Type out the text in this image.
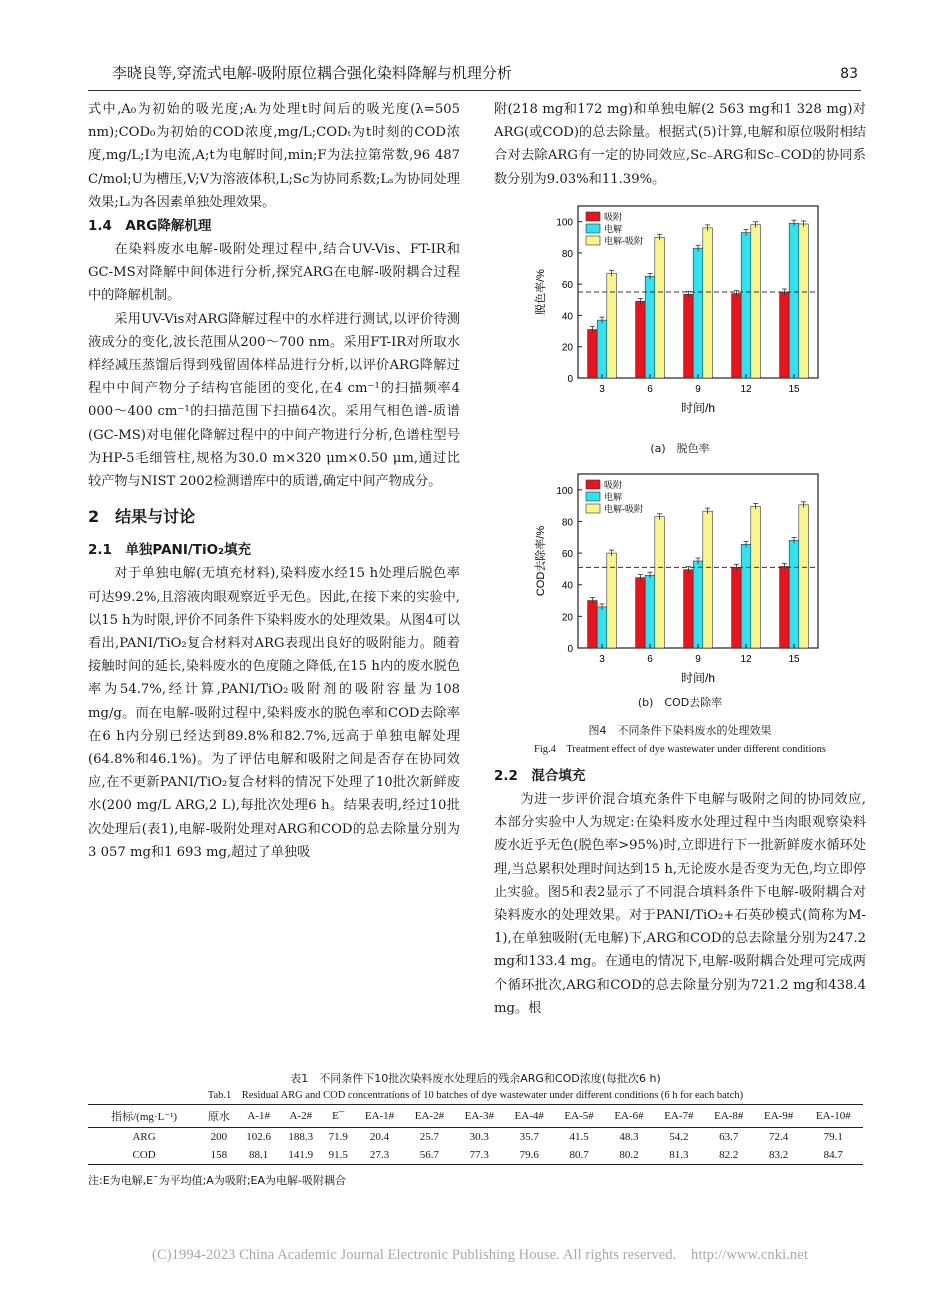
李晓良等,穿流式电解-吸附原位耦合强化染料降解与机理分析	83

式中,A₀为初始的吸光度;Aₜ为处理t时间后的吸光度(λ=505 nm);COD₀为初始的COD浓度,mg/L;CODₜ为t时刻的COD浓度,mg/L;I为电流,A;t为电解时间,min;F为法拉第常数,96 487 C/mol;U为槽压,V;V为溶液体积,L;Sc为协同系数;Lₛ为协同处理效果;Lᵢ为各因素单独处理效果。

1.4　ARG降解机理

在染料废水电解-吸附处理过程中,结合UV-Vis、FT-IR和GC-MS对降解中间体进行分析,探究ARG在电解-吸附耦合过程中的降解机制。

采用UV-Vis对ARG降解过程中的水样进行测试,以评价待测液成分的变化,波长范围从200～700 nm。采用FT-IR对所取水样经减压蒸馏后得到残留固体样品进行分析,以评价ARG降解过程中中间产物分子结构官能团的变化,在4 cm⁻¹的扫描频率4 000～400 cm⁻¹的扫描范围下扫描64次。采用气相色谱-质谱(GC-MS)对电催化降解过程中的中间产物进行分析,色谱柱型号为HP-5毛细管柱,规格为30.0 m×320 μm×0.50 μm,通过比较产物与NIST 2002检测谱库中的质谱,确定中间产物成分。

2　结果与讨论
2.1　单独PANI/TiO₂填充

对于单独电解(无填充材料),染料废水经15 h处理后脱色率可达99.2%,且溶液肉眼观察近乎无色。因此,在接下来的实验中,以15 h为时限,评价不同条件下染料废水的处理效果。从图4可以看出,PANI/TiO₂复合材料对ARG表现出良好的吸附能力。随着接触时间的延长,染料废水的色度随之降低,在15 h内的废水脱色率为54.7%,经计算,PANI/TiO₂吸附剂的吸附容量为108 mg/g。而在电解-吸附过程中,染料废水的脱色率和COD去除率在6 h内分别已经达到89.8%和82.7%,远高于单独电解处理(64.8%和46.1%)。为了评估电解和吸附之间是否存在协同效应,在不更新PANI/TiO₂复合材料的情况下处理了10批次新鲜废水(200 mg/L ARG,2 L),每批次处理6 h。结果表明,经过10批次处理后(表1),电解-吸附处理对ARG和COD的总去除量分别为3 057 mg和1 693 mg,超过了单独吸

附(218 mg和172 mg)和单独电解(2 563 mg和1 328 mg)对ARG(或COD)的总去除量。根据式(5)计算,电解和原位吸附相结合对去除ARG有一定的协同效应,Sc₋ARG和Sc₋COD的协同系数分别为9.03%和11.39%。

0
20
40
60
80
100
3	6	9	12	15
吸附
电解
电解-吸附
时间/h
脱色率/%
(a)　脱色率
0
20
40
60
80
100
3	6	9	12	15
吸附
电解
电解-吸附
时间/h
COD去除率/%
(b)　COD去除率
图4　不同条件下染料废水的处理效果
Fig.4　Treatment effect of dye wastewater under different conditions
2.2　混合填充

为进一步评价混合填充条件下电解与吸附之间的协同效应,本部分实验中人为规定:在染料废水处理过程中当肉眼观察染料废水近乎无色(脱色率>95%)时,立即进行下一批新鲜废水循环处理,当总累积处理时间达到15 h,无论废水是否变为无色,均立即停止实验。图5和表2显示了不同混合填料条件下电解-吸附耦合对染料废水的处理效果。对于PANI/TiO₂+石英砂模式(简称为M-1),在单独吸附(无电解)下,ARG和COD的总去除量分别为247.2 mg和133.4 mg。在通电的情况下,电解-吸附耦合处理可完成两个循环批次,ARG和COD的总去除量分别为721.2 mg和438.4 mg。根

表1　不同条件下10批次染料废水处理后的残余ARG和COD浓度(每批次6 h)
Tab.1　Residual ARG and COD concentrations of 10 batches of dye wastewater under different conditions (6 h for each batch)
指标/(mg·L⁻¹)	原水	A-1#	A-2#	E¯	EA-1#	EA-2#	EA-3#	EA-4#	EA-5#	EA-6#	EA-7#	EA-8#	EA-9#	EA-10#
ARG	200	102.6	188.3	71.9	20.4	25.7	30.3	35.7	41.5	48.3	54.2	63.7	72.4	79.1
COD	158	88.1	141.9	91.5	27.3	56.7	77.3	79.6	80.7	80.2	81.3	82.2	83.2	84.7
注:E为电解,E¯为平均值;A为吸附;EA为电解-吸附耦合
(C)1994-2023 China Academic Journal Electronic Publishing House. All rights reserved.　http://www.cnki.net
